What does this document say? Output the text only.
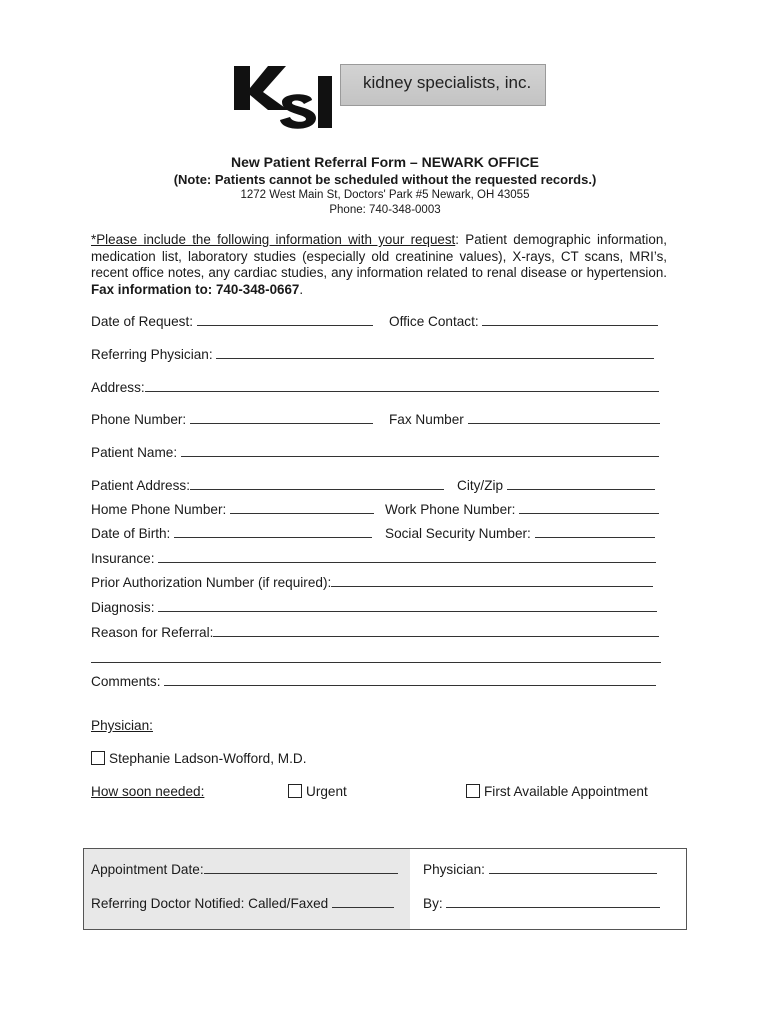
kidney specialists, inc.
New Patient Referral Form – NEWARK OFFICE
(Note: Patients cannot be scheduled without the requested records.)
1272 West Main St, Doctors' Park #5 Newark, OH 43055
Phone: 740-348-0003
*Please include the following information with your request: Patient demographic information, medication list, laboratory studies (especially old creatinine values), X-rays, CT scans, MRI’s, recent office notes, any cardiac studies, any information related to renal disease or hypertension. Fax information to: 740-348-0667.
Date of Request:	Office Contact:
Referring Physician:
Address:
Phone Number:	Fax Number
Patient Name:
Patient Address:	City/Zip
Home Phone Number:	Work Phone Number:
Date of Birth:	Social Security Number:
Insurance:
Prior Authorization Number (if required):
Diagnosis:
Reason for Referral:
Comments:
Physician:
Stephanie Ladson-Wofford, M.D.
How soon needed:	Urgent	First Available Appointment
Appointment Date:	Physician:
Referring Doctor Notified: Called/Faxed	By:
